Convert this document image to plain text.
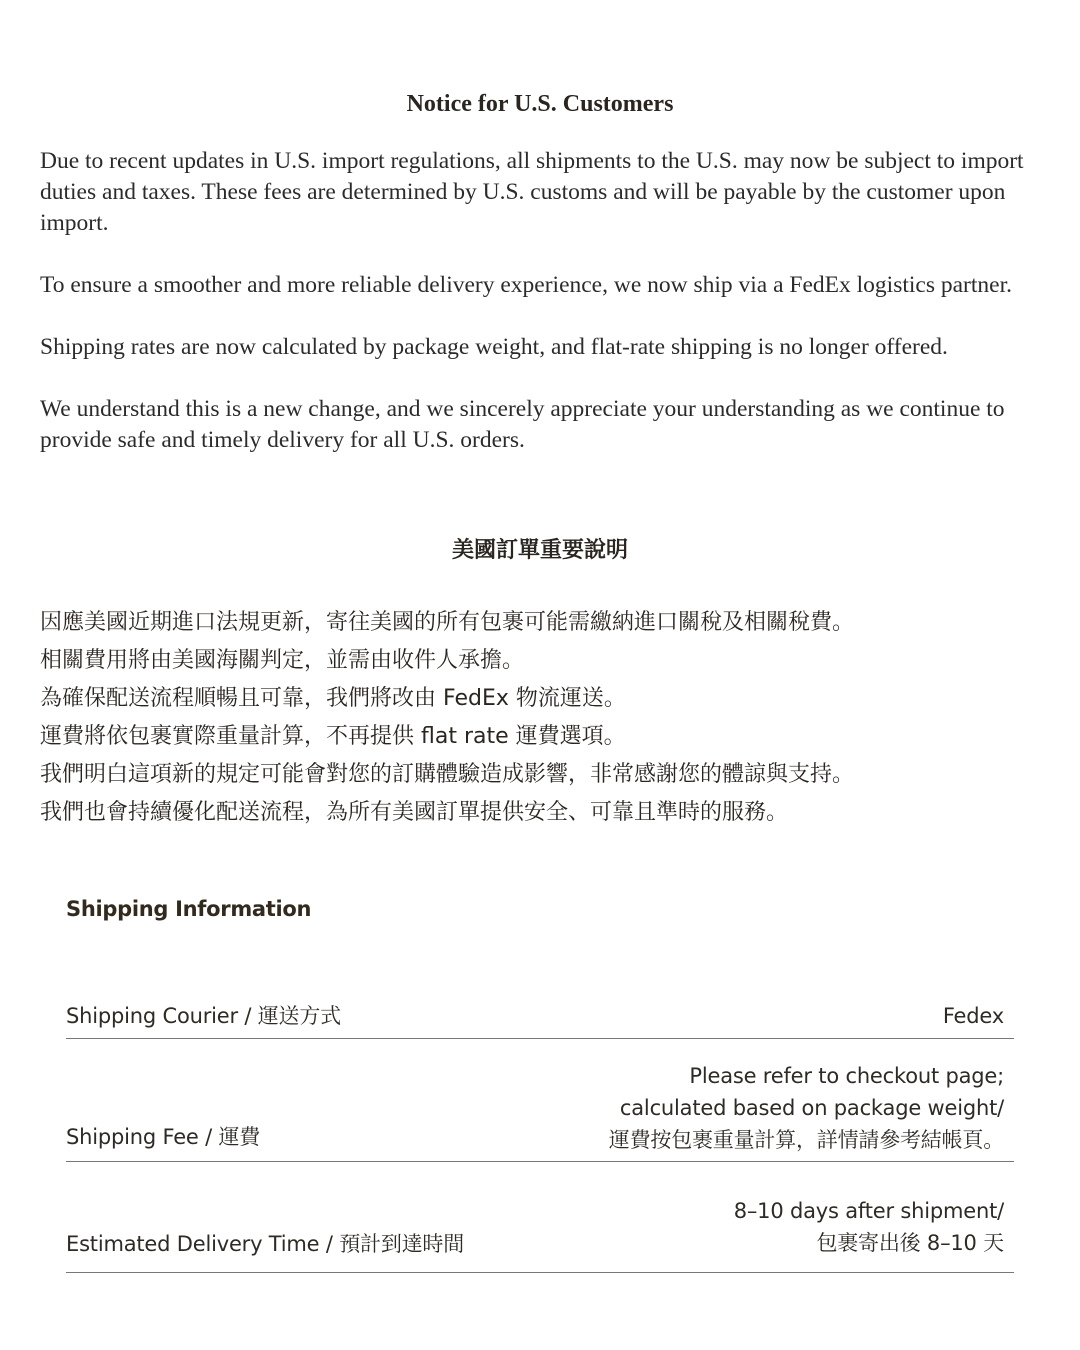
Notice for U.S. Customers

Due to recent updates in U.S. import regulations, all shipments to the U.S. may now be subject to import duties and taxes. These fees are determined by U.S. customs and will be payable by the customer upon import.

To ensure a smoother and more reliable delivery experience, we now ship via a FedEx logistics partner.

Shipping rates are now calculated by package weight, and flat-rate shipping is no longer offered.

We understand this is a new change, and we sincerely appreciate your understanding as we continue to provide safe and timely delivery for all U.S. orders.

美國訂單重要說明
因應美國近期進口法規更新，寄往美國的所有包裹可能需繳納進口關稅及相關稅費。
相關費用將由美國海關判定，並需由收件人承擔。
為確保配送流程順暢且可靠，我們將改由 FedEx 物流運送。
運費將依包裹實際重量計算，不再提供 flat rate 運費選項。
我們明白這項新的規定可能會對您的訂購體驗造成影響，非常感謝您的體諒與支持。
我們也會持續優化配送流程，為所有美國訂單提供安全、可靠且準時的服務。
Shipping Information
Shipping Courier / 運送方式	Fedex
Shipping Fee / 運費
Please refer to checkout page;
calculated based on package weight/
運費按包裹重量計算，詳情請參考結帳頁。
Estimated Delivery Time / 預計到達時間
8–10 days after shipment/
包裹寄出後 8–10 天
